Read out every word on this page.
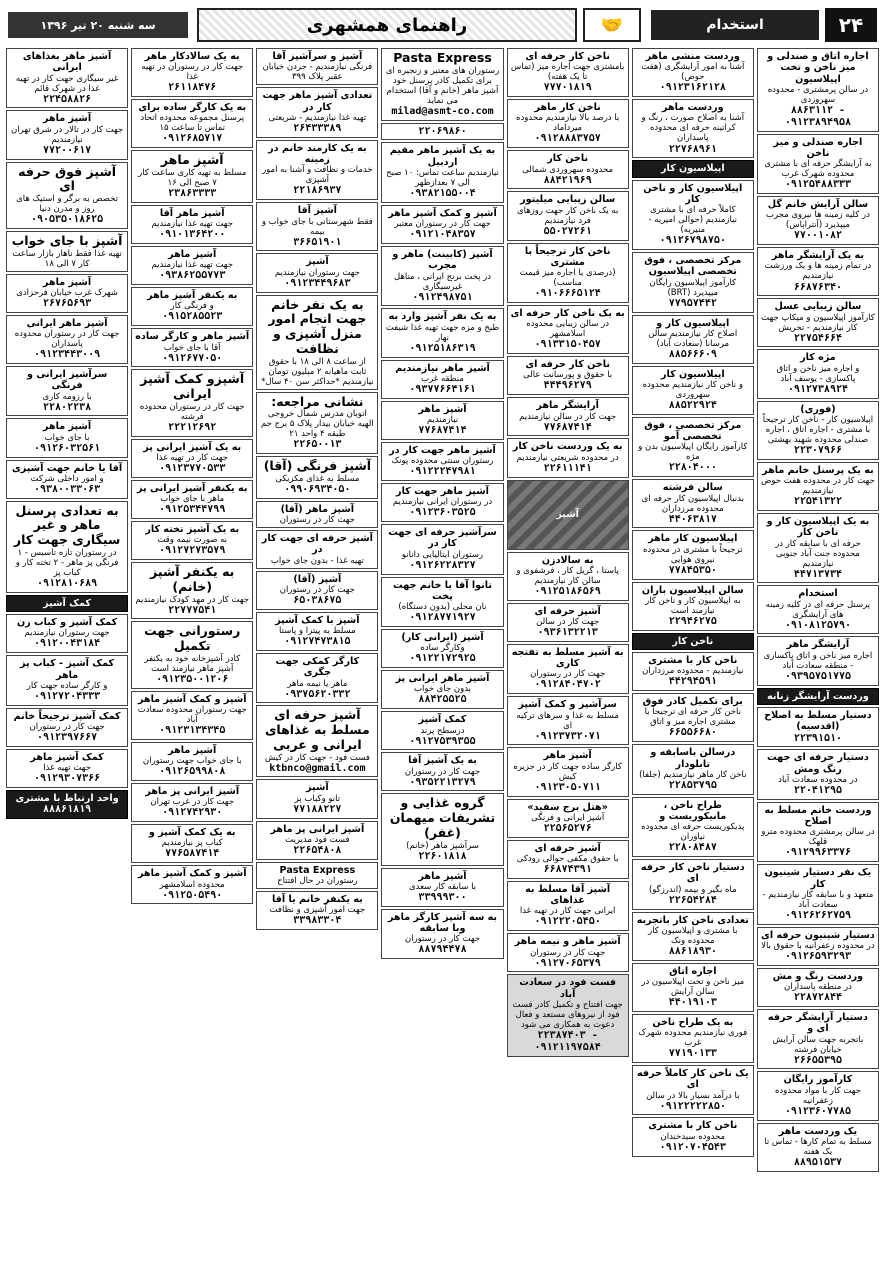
۲۴
استخدام
🤝
راهنمای همشهری
سه شنبه ۲۰ تیر ۱۳۹۶
اجاره اتاق و صندلی و میز ناخن و تخت اپیلاسیون
در سالن پرمشتری - محدوده سهروردی
۸۸۶۳۱۱۲ - ۰۹۱۲۳۸۹۴۹۵۸
اجاره صندلی و میز ناخن
به آرایشگر حرفه ای با مشتری محدوده شهرک غرب
۰۹۱۲۵۴۸۸۳۳۳
سالن آرایش خانم گل
در کلیه زمینه ها نیروی مجرب میپذیرد (آنتراپاس)
۷۷۰۰۱۰۸۲
به یک آرایشگر ماهر
در تمام زمینه ها و یک ورزشت نیازمندیم
۶۶۸۷۶۳۴۰
سالن زیبایی عسل
کارآموز اپیلاسیون و میکاپ جهت کار نیازمندیم - تجریش
۲۲۷۵۴۶۶۴
مژه کار
و اجاره میز ناخن و اتاق پاکسازی - یوسف آباد
۰۹۱۲۷۳۸۹۲۴
(فوری)
اپیلاسیون کار - ناخن کار ترجیحاً با مشتری - اجاره اتاق ، اجاره صندلی محدوده شهید بهشتی
۲۲۳۰۷۹۶۶
به یک پرسنل خانم ماهر
جهت کار در محدوده هفت حوض نیازمندیم
۲۲۵۴۱۳۲۲
به یک اپیلاسیون کار و ناخن کار
حرفه ای با سابقه کار در محدوده جنت آباد جنوبی نیازمندیم
۴۴۷۱۳۷۳۴
استخدام
پرسنل حرفه ای در کلیه زمینه های آرایشگری
۰۹۱۰۸۱۲۵۷۹۰
آرایشگر ماهر
اجاره میز ناخن و اتاق پاکسازی - منطقه سعادت آباد
۰۹۳۹۵۷۵۱۷۷۵
وردست آرایشگر زنانه
دستیار مسلط به اصلاح (اقدسیه)
۲۲۳۹۱۵۱۰
دستیار حرفه ای جهت رنگ ومش
در محدوده سعادت آباد
۲۲۰۴۱۲۹۵
وردست خانم مسلط به اصلاح
در سالن پرمشتری محدوده مترو قلهک
۰۹۱۲۹۹۶۳۳۷۶
یک نفر دستیار شینیون کار
متعهد و با سابقه کار نیازمندیم - سعادت آباد
۰۹۱۲۶۲۶۲۷۵۹
دستیار شینیون حرفه ای
در محدوده زعفرانیه با حقوق بالا
۰۹۱۲۶۵۹۳۲۹۳
وردست رنگ و مش
در منطقه پاسداران
۲۲۸۷۲۸۴۴
دستیار آرایشگر حرفه ای و
باتجربه جهت سالن آرایش خیابان فرشته
۲۶۶۵۵۳۹۵
کارآموز رایگان
جهت کار با مواد محدوده زعفرانیه
۰۹۱۲۳۶۰۷۷۸۵
یک وردست ماهر
مسلط به تمام کارها - تماس تا یک هفته
۸۸۹۵۱۵۳۷
وردست منشی ماهر
آشنا به امور آرایشگری (هفت حوض)
۰۹۱۲۳۱۶۲۱۲۸
وردست ماهر
آشنا به اصلاح صورت ، رنگ و کراتینه حرفه ای محدوده پاسداران
۲۲۷۶۸۹۶۱
اپیلاسیون کار
اپیلاسیون کار و ناخن کار
کاملاً حرفه ای با مشتری نیازمندیم (حوالی امیریه - منیریه)
۰۹۱۲۶۷۹۸۷۵۰
مرکز تخصصی ، فوق تخصصی اپیلاسیون
کارآموز اپیلاسیون رایگان میپذیرد (BRT)
۷۷۹۵۷۴۴۲
اپیلاسیون کار و
اصلاح کار نیازمندیم سالن مرسانا (سعادت آباد)
۸۸۵۶۶۶۰۹
اپیلاسیون کار
و ناخن کار نیازمندیم محدوده سهروردی
۸۸۵۲۲۹۲۴
مرکز تخصصی ، فوق تخصصی آمو
کارآموز رایگان اپیلاسیون بدن و مژه
۲۲۸۰۴۰۰۰
سالن فرشته
بدنبال اپیلاسیون کار حرفه ای محدوده مرزداران
۴۴۰۶۳۸۱۷
اپیلاسیون کار ماهر
ترجیحاً با مشتری در محدوده نیروی هوایی
۷۷۸۴۵۳۵۰
سالن اپیلاسیون باران
به اپیلاسیون کار و ناخن کار نیازمند است
۲۲۹۴۶۲۷۵
ناخن کار
ناخن کار با مشتری
نیازمندیم - محدوده مرزداران
۴۴۲۹۴۵۹۱
برای تکمیل کادر فوق
ناخن کار حرفه ای ترجیحاً با مشتری اجاره میز و اتاق
۶۶۵۵۶۶۸۰
درسالن باسابقه و تابلودار
ناخن کار ماهر نیازمندیم (جلفا)
۲۲۸۵۳۷۹۵
طراح ناخن ، مانیکوریست و
پدیکوریست حرفه ای محدوده نیاوران
۲۲۸۰۸۴۸۷
دستیار ناخن کار حرفه ای
ماه بگیر و بیمه (اندرزگو)
۲۲۶۵۴۲۸۴
تعدادی ناخن کار باتجربه
با مشتری و اپیلاسیون کار محدوده ونک
۸۸۶۱۸۹۳۰
اجاره اتاق
میز ناخن و تخت اپیلاسیون در سالن آرایش
۴۴۰۱۹۱۰۳
به یک طراح ناخن
فوری نیازمندیم محدوده شهرک غرب
۷۷۱۹۰۱۳۳
یک ناخن کار کاملاً حرفه ای
با درآمد بسیار بالا در سالن
۰۹۱۲۲۲۲۲۸۵۰
ناخن کار با مشتری
محدوده سیدخندان
۰۹۱۲۰۷۰۴۵۴۳
ناخن کار حرفه ای
بامشتری جهت اجاره میز (تماس تا یک هفته)
۷۷۷۰۱۸۱۹
ناخن کار ماهر
با درصد بالا نیازمندیم محدوده میرداماد
۰۹۱۲۸۸۸۳۷۵۷
ناخن کار
محدوده سهروردی شمالی
۸۸۴۲۱۹۶۹
سالن زیبایی میلیتور
به یک ناخن کار جهت روزهای فرد نیازمندیم
۵۵۰۲۷۲۶۱
ناخن کار ترجیحاً با مشتری
(درصدی یا اجاره میز قیمت مناسب)
۰۹۱۰۶۶۶۵۱۲۴
به یک ناخن کار حرفه ای
در سالن زیبایی محدوده اسلامشهر
۰۹۱۳۳۱۵۰۴۵۷
ناخن کار حرفه ای
با حقوق و پورسانت عالی
۴۴۴۹۶۲۷۹
آرایشگر ماهر
جهت کار در سالن نیازمندیم
۷۷۶۸۷۴۱۴
به یک وردست ناخن کار
در محدوده شریعتی نیازمندیم
۲۲۶۱۱۱۴۱
آشپز
به سالادزن
پاستا ، گریل کار ، فرشفوی و سالن کار نیازمندیم
۰۹۱۲۵۱۸۶۵۶۹
آشپز حرفه ای
جهت کار در سالن
۰۹۳۶۱۳۲۲۱۳
به آشپز مسلط به تفتجه کاری
جهت کار در رستوران
۰۹۱۲۸۴۰۴۷۰۲
سرآشپز و کمک آشپز
مسلط به غذا و سرهای ترکیه ای
۰۹۱۲۳۷۳۲۰۷۱
آشپز ماهر
کارگر ساده جهت کار در جزیره کیش
۰۹۱۲۳۰۵۰۷۱۱
«هتل برج سفید»
آشپز ایرانی و فرنگی
۲۲۵۶۵۲۷۶
آشپز حرفه ای
با حقوق مکفی حوالی رودکی
۶۶۸۷۴۳۹۱
آشپز آقا مسلط به غذاهای
ایرانی جهت کار در تهیه غذا
۰۹۱۲۲۲۰۵۴۵۰
آشپز ماهر و نیمه ماهر
جهت کار در رستوران
۰۹۱۲۷۰۶۵۳۷۹
فست فود در سعادت آباد
جهت افتتاح و تکمیل کادر فست فود از نیروهای مستعد و فعال دعوت به همکاری می شود
۲۲۳۸۷۴۰۳ - ۰۹۱۲۱۱۹۷۵۸۴
Pasta Express
رستوران های معتبر و زنجیره ای برای تکمیل کادر پرسنل خود آشپز ماهر (خانم و آقا) استخدام می نماید
milad@asmt-co.com
۲۲۰۶۹۸۶۰
به یک آشپز ماهر مقیم اردبیل
نیازمندیم ساعت تماس: ۱۰ صبح الی ۷ بعدازظهر
۰۹۳۸۲۱۵۵۰۰۴
آشپز و کمک آشپز ماهر
جهت کار در رستوران معتبر
۰۹۱۲۱۰۴۸۳۵۷
آشپز (کابینت) ماهر و مجرب
در پخت برنج ایرانی ، متاهل غیرسیگاری
۰۹۱۲۴۹۸۷۵۱
به یک نفر آشپز وارد به
طبخ و مزه جهت تهیه غذا شیفت نهار
۰۹۱۲۵۱۸۶۳۱۹
آشپز ماهر نیازمندیم
منطقه غرب
۰۹۳۷۷۶۶۴۱۶۱
آشپز ماهر
نیازمندیم
۷۷۶۸۷۴۱۴
آشپز ماهر جهت کار در
رستوران سنتی محدوده پونک
۰۹۱۲۲۲۴۷۹۸۱
آشپز ماهر جهت کار
در رستوران ایرانی نیازمندیم
۰۹۱۲۳۶۰۳۵۲۵
سرآشپز حرفه ای جهت کار در
رستوران ایتالیایی دانانو
۰۹۱۲۶۲۲۸۳۲۷
تانوا آقا یا خانم جهت پخت
نان محلی (بدون دستگاه)
۰۹۱۲۸۷۷۱۹۲۷
آشپز (ایرانی کار)
وکارگر ساده
۰۹۱۲۲۱۷۲۹۲۵
آشپز ماهر ایرانی پز
بدون جای خواب
۸۸۴۲۵۵۲۵
کمک آشپز
درسطح پرند
۰۹۱۲۷۵۳۹۳۵۵
به یک آشپز آقا
جهت کار در رستوران
۰۹۳۵۲۲۱۳۲۷۹
گروه غذایی و تشریفات میهمان (غفر)
سرآشپز ماهر (خانم)
۲۲۶۰۱۸۱۸
آشپز ماهر
با سابقه کار سعدی
۳۳۹۹۹۳۰۰
به سه آشپز کارگر ماهر وبا سابقه
جهت کار در رستوران
۸۸۷۹۴۴۷۸
آشپز و سرآشپز آقا
فرنگی نیازمندیم - جردن خیابان عقبر پلاک ۳۹۹
تعدادی آشپز ماهر جهت کار در
تهیه غذا نیازمندیم - شریعتی
۲۶۴۳۳۳۸۹
به یک کارمند خانم در زمینه
خدمات و نظافت و آشنا به امور آشپزی
۲۲۱۸۶۹۳۷
آشپز آقا
فقط شهرستانی با جای خواب و بیمه
۳۶۶۵۱۹۰۱
آشپز
جهت رستوران نیازمندیم
۰۹۱۲۳۴۴۹۶۸۳
به یک نفر خانم جهت انجام امور منزل آشپزی و نظافت
از ساعت ۸ الی ۱۸ با حقوق ثابت ماهیانه ۲ میلیون تومان نیازمندیم *حداکثر سن ۴۰ سال*
نشانی مراجعه:
اتوبان مدرس شمال خروجی الهیه خیابان بیدار پلاک ۵ برج جم طبقه ۴ واحد ۲۱
۲۲۶۵۰۰۱۳
آشپز فرنگی (آقا)
مسلط به غذای مکزیکی
۰۹۹۰۶۹۳۴۰۵۰
آشپز ماهر (آقا)
جهت کار در رستوران
آشپز حرفه ای جهت کار در
تهیه غذا - بدون جای خواب
آشپز (آقا)
جهت کار در رستوران
۶۵۰۳۸۶۷۵
آشپز با کمک آشپز
مسلط به پیتزا و پاستا
۰۹۱۲۷۴۷۳۸۱۵
کارگر کمکی جهت جگری
ماهر یا نیمه ماهر
۰۹۳۷۵۶۲۰۳۳۲
آشپز حرفه ای مسلط به غذاهای ایرانی و عربی
فست فود - جهت کار در کیش
ktbnco@gmail.com
آشپز
تانو وکباب پز
۷۷۱۸۸۲۲۷
آشپز ایرانی پز ماهر
فست فود مدیریت
۲۲۶۵۴۸۰۸
Pasta Express
رستوران در حال افتتاح
به یکنفر خانم یا آقا
جهت امور آشپزی و نظافت
۳۳۹۸۳۳۰۴
به یک سالادکار ماهر
جهت کار در رستوران در تهیه غذا
۲۶۱۱۸۴۷۶
به یک کارگر ساده برای
پرسنل مجموعه محدوده اتحاد تماس تا ساعت ۱۵
۰۹۱۲۶۸۵۷۱۷
آشپز ماهر
مسلط به تهیه کاری ساعت کار ۷ صبح الی ۱۶
۲۳۸۶۳۳۳۳
آشپز ماهر آقا
جهت تهیه غذا نیازمندیم
۰۹۱۰۱۳۶۴۲۰۰
آشپز ماهر
جهت تهیه غذا نیازمندیم
۰۹۳۸۶۲۵۵۷۷۳
به یکنفر آشپز ماهر
و فرنگی کار
۰۹۱۵۲۸۵۵۲۳
آشپز ماهر و کارگر ساده
آقا با جای خواب
۰۹۱۲۶۷۷۰۵۰
آشپزو کمک آشپز ایرانی
جهت کار در رستوران محدوده فرشته
۲۲۲۱۲۶۹۲
به یک آشپز ایرانی پز
جهت کار در تهیه غذا
۰۹۱۲۳۷۷۰۵۳۳
به یکنفر آشپز ایرانی پز
ماهر با جای خواب
۰۹۱۲۵۳۴۴۷۹۹
به یک آشپز تخته کار
به صورت نیمه وقت
۰۹۱۲۷۲۷۳۵۷۹
به یکنفر آشپز (خانم)
جهت کار در مهد کودک نیازمندیم
۲۲۷۷۷۵۴۱
رستورانی جهت تکمیل
کادر آشپزخانه خود به یکنفر آشپز ماهر نیازمند است
۰۹۱۲۳۵۰۰۱۲۰۶
آشپز و کمک آشپز ماهر
جهت رستوران محدوده سعادت آباد
۰۹۱۲۳۱۳۴۳۴۵
آشپز ماهر
با جای خواب جهت رستوران
۰۹۱۲۶۵۹۹۸۰۸
آشپز ایرانی پز ماهر
جهت کار در غرب تهران
۰۹۱۲۷۴۲۹۳۰
به یک کمک آشپز و
کباب پز نیازمندیم
۷۷۶۵۸۷۴۱۴
آشپز و کمک آشپز ماهر
محدوده اسلامشهر
۰۹۱۲۵۰۵۴۹۰
آشپز ماهر بغذاهای ایرانی
غیر سیگاری جهت کار در تهیه غذا در شهرک قائم
۲۲۴۵۸۸۲۶
آشپز ماهر
جهت کار در تالار در شرق تهران نیازمندیم
۷۷۲۰۰۶۱۷
آشپز فوق حرفه ای
تخصص به برگر و استیک های روز و مدرن دنیا
۰۹۰۵۳۵۰۱۸۶۲۵
آشپز با جای خواب
تهیه غذا فقط ناهار بازار ساعت کار ۷ الی ۱۸
آشپز ماهر
شهرک غرب خیابان فرحزادی
۲۶۷۶۵۶۹۳
آشپز ماهر ایرانی
جهت کار در رستوران محدوده پاسداران
۰۹۱۲۳۴۴۳۰۰۹
سرآشپز ایرانی و فرنگی
با رزومه کاری
۲۲۸۰۲۲۳۸
آشپز ماهر
با جای خواب
۰۹۱۲۶۰۳۲۵۶۱
آقا یا خانم جهت آشپزی
و امور داخلی شرکت
۰۹۳۸۰۰۳۳۰۶۳
به تعدادی پرسنل ماهر و غیر سیگاری جهت کار
در رستوران تازه تاسیس - ۱ فرنگی پز ماهر - ۲ تخته کار و کباب پز
۰۹۱۲۸۱۰۶۸۹
کمک آشپز
کمک آشپز و کباب زن
جهت رستوران نیازمندیم
۰۹۱۲۰۰۴۳۱۸۴
کمک آشپز - کباب پز ماهر
و کارگر ساده جهت کار
۰۹۱۲۷۲۰۴۳۳۳
کمک آشپز ترجیحاً خانم
جهت کار در رستوران
۰۹۱۲۳۹۷۶۶۷
کمک آشپز ماهر
جهت تهیه غذا
۰۹۱۲۹۳۰۷۳۶۶
واحد ارتباط با مشتری
۸۸۸۶۱۸۱۹
